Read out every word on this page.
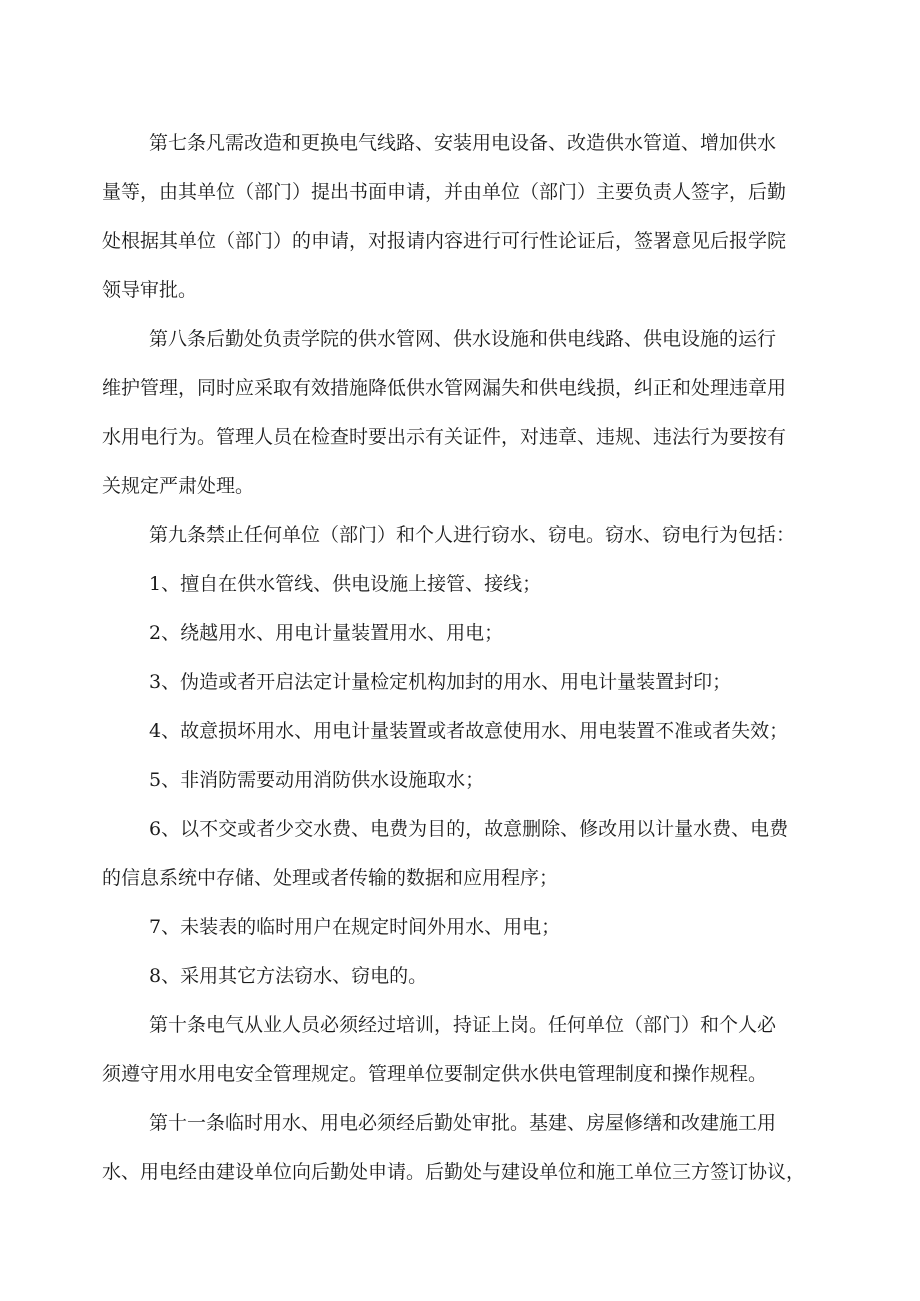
第七条凡需改造和更换电气线路、安装用电设备、改造供水管道、增加供水
量等，由其单位（部门）提出书面申请，并由单位（部门）主要负责人签字，后勤
处根据其单位（部门）的申请，对报请内容进行可行性论证后，签署意见后报学院
领导审批。
第八条后勤处负责学院的供水管网、供水设施和供电线路、供电设施的运行
维护管理，同时应采取有效措施降低供水管网漏失和供电线损，纠正和处理违章用
水用电行为。管理人员在检查时要出示有关证件，对违章、违规、违法行为要按有
关规定严肃处理。
第九条禁止任何单位（部门）和个人进行窃水、窃电。窃水、窃电行为包括：
1、擅自在供水管线、供电设施上接管、接线；
2、绕越用水、用电计量装置用水、用电；
3、伪造或者开启法定计量检定机构加封的用水、用电计量装置封印；
4、故意损坏用水、用电计量装置或者故意使用水、用电装置不准或者失效；
5、非消防需要动用消防供水设施取水；
6、以不交或者少交水费、电费为目的，故意删除、修改用以计量水费、电费
的信息系统中存储、处理或者传输的数据和应用程序；
7、未装表的临时用户在规定时间外用水、用电；
8、采用其它方法窃水、窃电的。
第十条电气从业人员必须经过培训，持证上岗。任何单位（部门）和个人必
须遵守用水用电安全管理规定。管理单位要制定供水供电管理制度和操作规程。
第十一条临时用水、用电必须经后勤处审批。基建、房屋修缮和改建施工用
水、用电经由建设单位向后勤处申请。后勤处与建设单位和施工单位三方签订协议，
